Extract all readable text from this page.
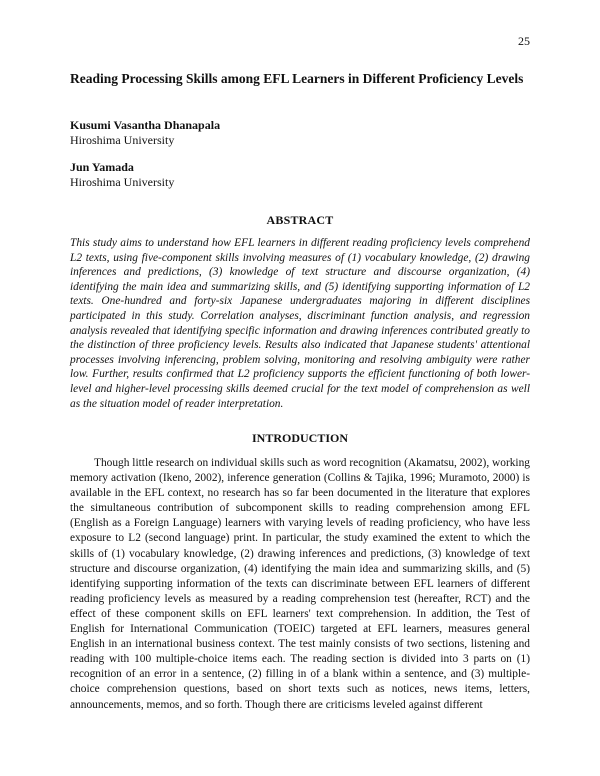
25
Reading Processing Skills among EFL Learners in Different Proficiency Levels
Kusumi Vasantha Dhanapala
Hiroshima University
Jun Yamada
Hiroshima University
ABSTRACT

This study aims to understand how EFL learners in different reading proficiency levels comprehend L2 texts, using five-component skills involving measures of (1) vocabulary knowledge, (2) drawing inferences and predictions, (3) knowledge of text structure and discourse organization, (4) identifying the main idea and summarizing skills, and (5) identifying supporting information of L2 texts. One-hundred and forty-six Japanese undergraduates majoring in different disciplines participated in this study. Correlation analyses, discriminant function analysis, and regression analysis revealed that identifying specific information and drawing inferences contributed greatly to the distinction of three proficiency levels. Results also indicated that Japanese students' attentional processes involving inferencing, problem solving, monitoring and resolving ambiguity were rather low. Further, results confirmed that L2 proficiency supports the efficient functioning of both lower-level and higher-level processing skills deemed crucial for the text model of comprehension as well as the situation model of reader interpretation.

INTRODUCTION

Though little research on individual skills such as word recognition (Akamatsu, 2002), working memory activation (Ikeno, 2002), inference generation (Collins & Tajika, 1996; Muramoto, 2000) is available in the EFL context, no research has so far been documented in the literature that explores the simultaneous contribution of subcomponent skills to reading comprehension among EFL (English as a Foreign Language) learners with varying levels of reading proficiency, who have less exposure to L2 (second language) print. In particular, the study examined the extent to which the skills of (1) vocabulary knowledge, (2) drawing inferences and predictions, (3) knowledge of text structure and discourse organization, (4) identifying the main idea and summarizing skills, and (5) identifying supporting information of the texts can discriminate between EFL learners of different reading proficiency levels as measured by a reading comprehension test (hereafter, RCT) and the effect of these component skills on EFL learners' text comprehension. In addition, the Test of English for International Communication (TOEIC) targeted at EFL learners, measures general English in an international business context. The test mainly consists of two sections, listening and reading with 100 multiple-choice items each. The reading section is divided into 3 parts on (1) recognition of an error in a sentence, (2) filling in of a blank within a sentence, and (3) multiple-choice comprehension questions, based on short texts such as notices, news items, letters, announcements, memos, and so forth. Though there are criticisms leveled against different
